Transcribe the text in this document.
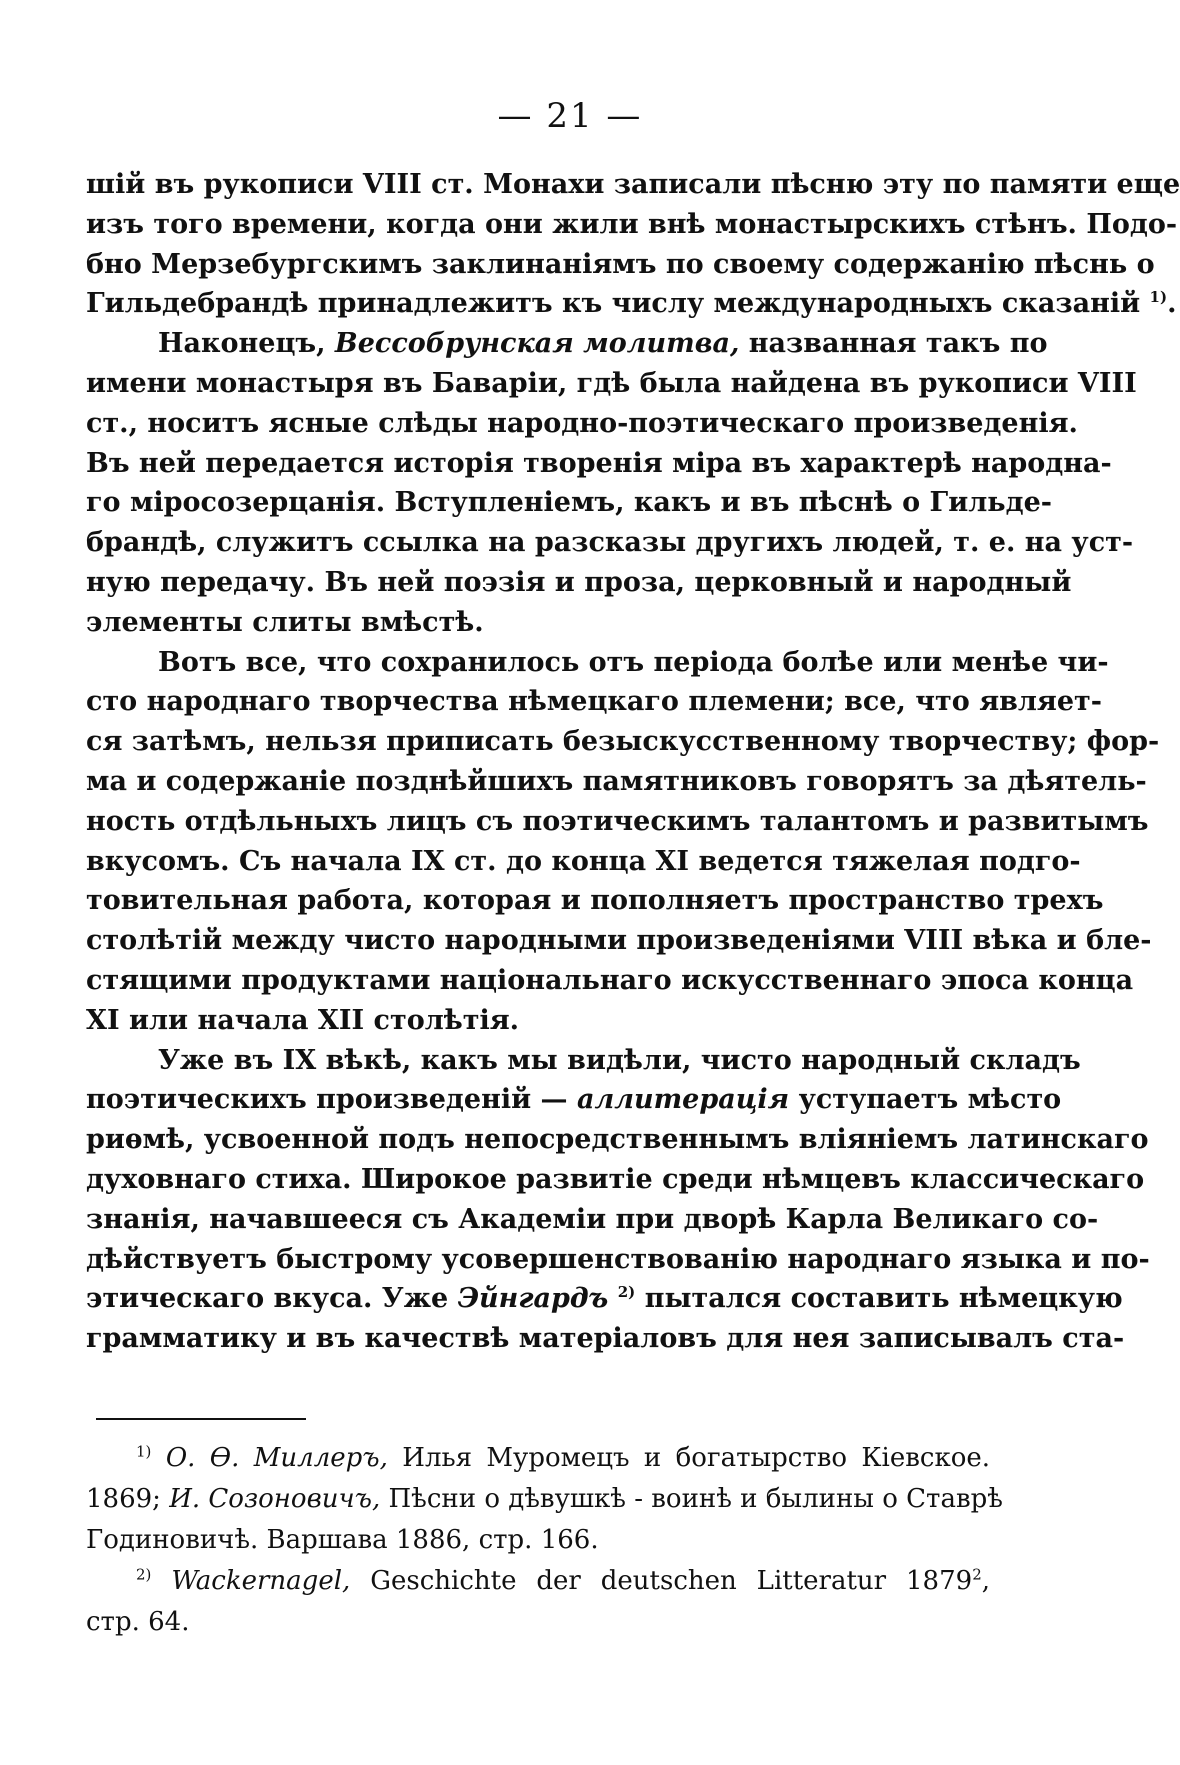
— 21 —
шій въ рукописи VIII ст. Монахи записали пѣсню эту по памяти еще
изъ того времени, когда они жили внѣ монастырскихъ стѣнъ. Подо-
бно Мерзебургскимъ заклинаніямъ по своему содержанію пѣснь о
Гильдебрандѣ принадлежитъ къ числу международныхъ сказаній $^{1)}$.
Наконецъ, Вессобрунская молитва, названная такъ по
имени монастыря въ Баваріи, гдѣ была найдена въ рукописи VIII
ст., носитъ ясные слѣды народно-поэтическаго произведенія.
Въ ней передается исторія творенія міра въ характерѣ народна-
го міросозерцанія. Вступленіемъ, какъ и въ пѣснѣ о Гильде-
брандѣ, служитъ ссылка на разсказы другихъ людей, т. е. на уст-
ную передачу. Въ ней поэзія и проза, церковный и народный
элементы слиты вмѣстѣ.
Вотъ все, что сохранилось отъ періода болѣе или менѣе чи-
сто народнаго творчества нѣмецкаго племени; все, что являет-
ся затѣмъ, нельзя приписать безыскусственному творчеству; фор-
ма и содержаніе позднѣйшихъ памятниковъ говорятъ за дѣятель-
ность отдѣльныхъ лицъ съ поэтическимъ талантомъ и развитымъ
вкусомъ. Съ начала IX ст. до конца XI ведется тяжелая подго-
товительная работа, которая и пополняетъ пространство трехъ
столѣтій между чисто народными произведеніями VIII вѣка и бле-
стящими продуктами національнаго искусственнаго эпоса конца
XI или начала XII столѣтія.
Уже въ IX вѣкѣ, какъ мы видѣли, чисто народный складъ
поэтическихъ произведеній — аллитерація уступаетъ мѣсто
риѳмѣ, усвоенной подъ непосредственнымъ вліяніемъ латинскаго
духовнаго стиха. Широкое развитіе среди нѣмцевъ классическаго
знанія, начавшееся съ Академіи при дворѣ Карла Великаго со-
дѣйствуетъ быстрому усовершенствованію народнаго языка и по-
этическаго вкуса. Уже Эйнгардъ $^{2)}$ пытался составить нѣмецкую
грамматику и въ качествѣ матеріаловъ для нея записывалъ ста-
$^{1)}$ О. Ѳ. Миллеръ, Илья Муромецъ и богатырство Кіевское.
1869; И. Созоновичъ, Пѣсни о дѣвушкѣ - воинѣ и былины о Ставрѣ
Годиновичѣ. Варшава 1886, стр. 166.
$^{2)}$ Wackernagel, Geschichte der deutschen Litteratur 1879$^2$,
стр. 64.
